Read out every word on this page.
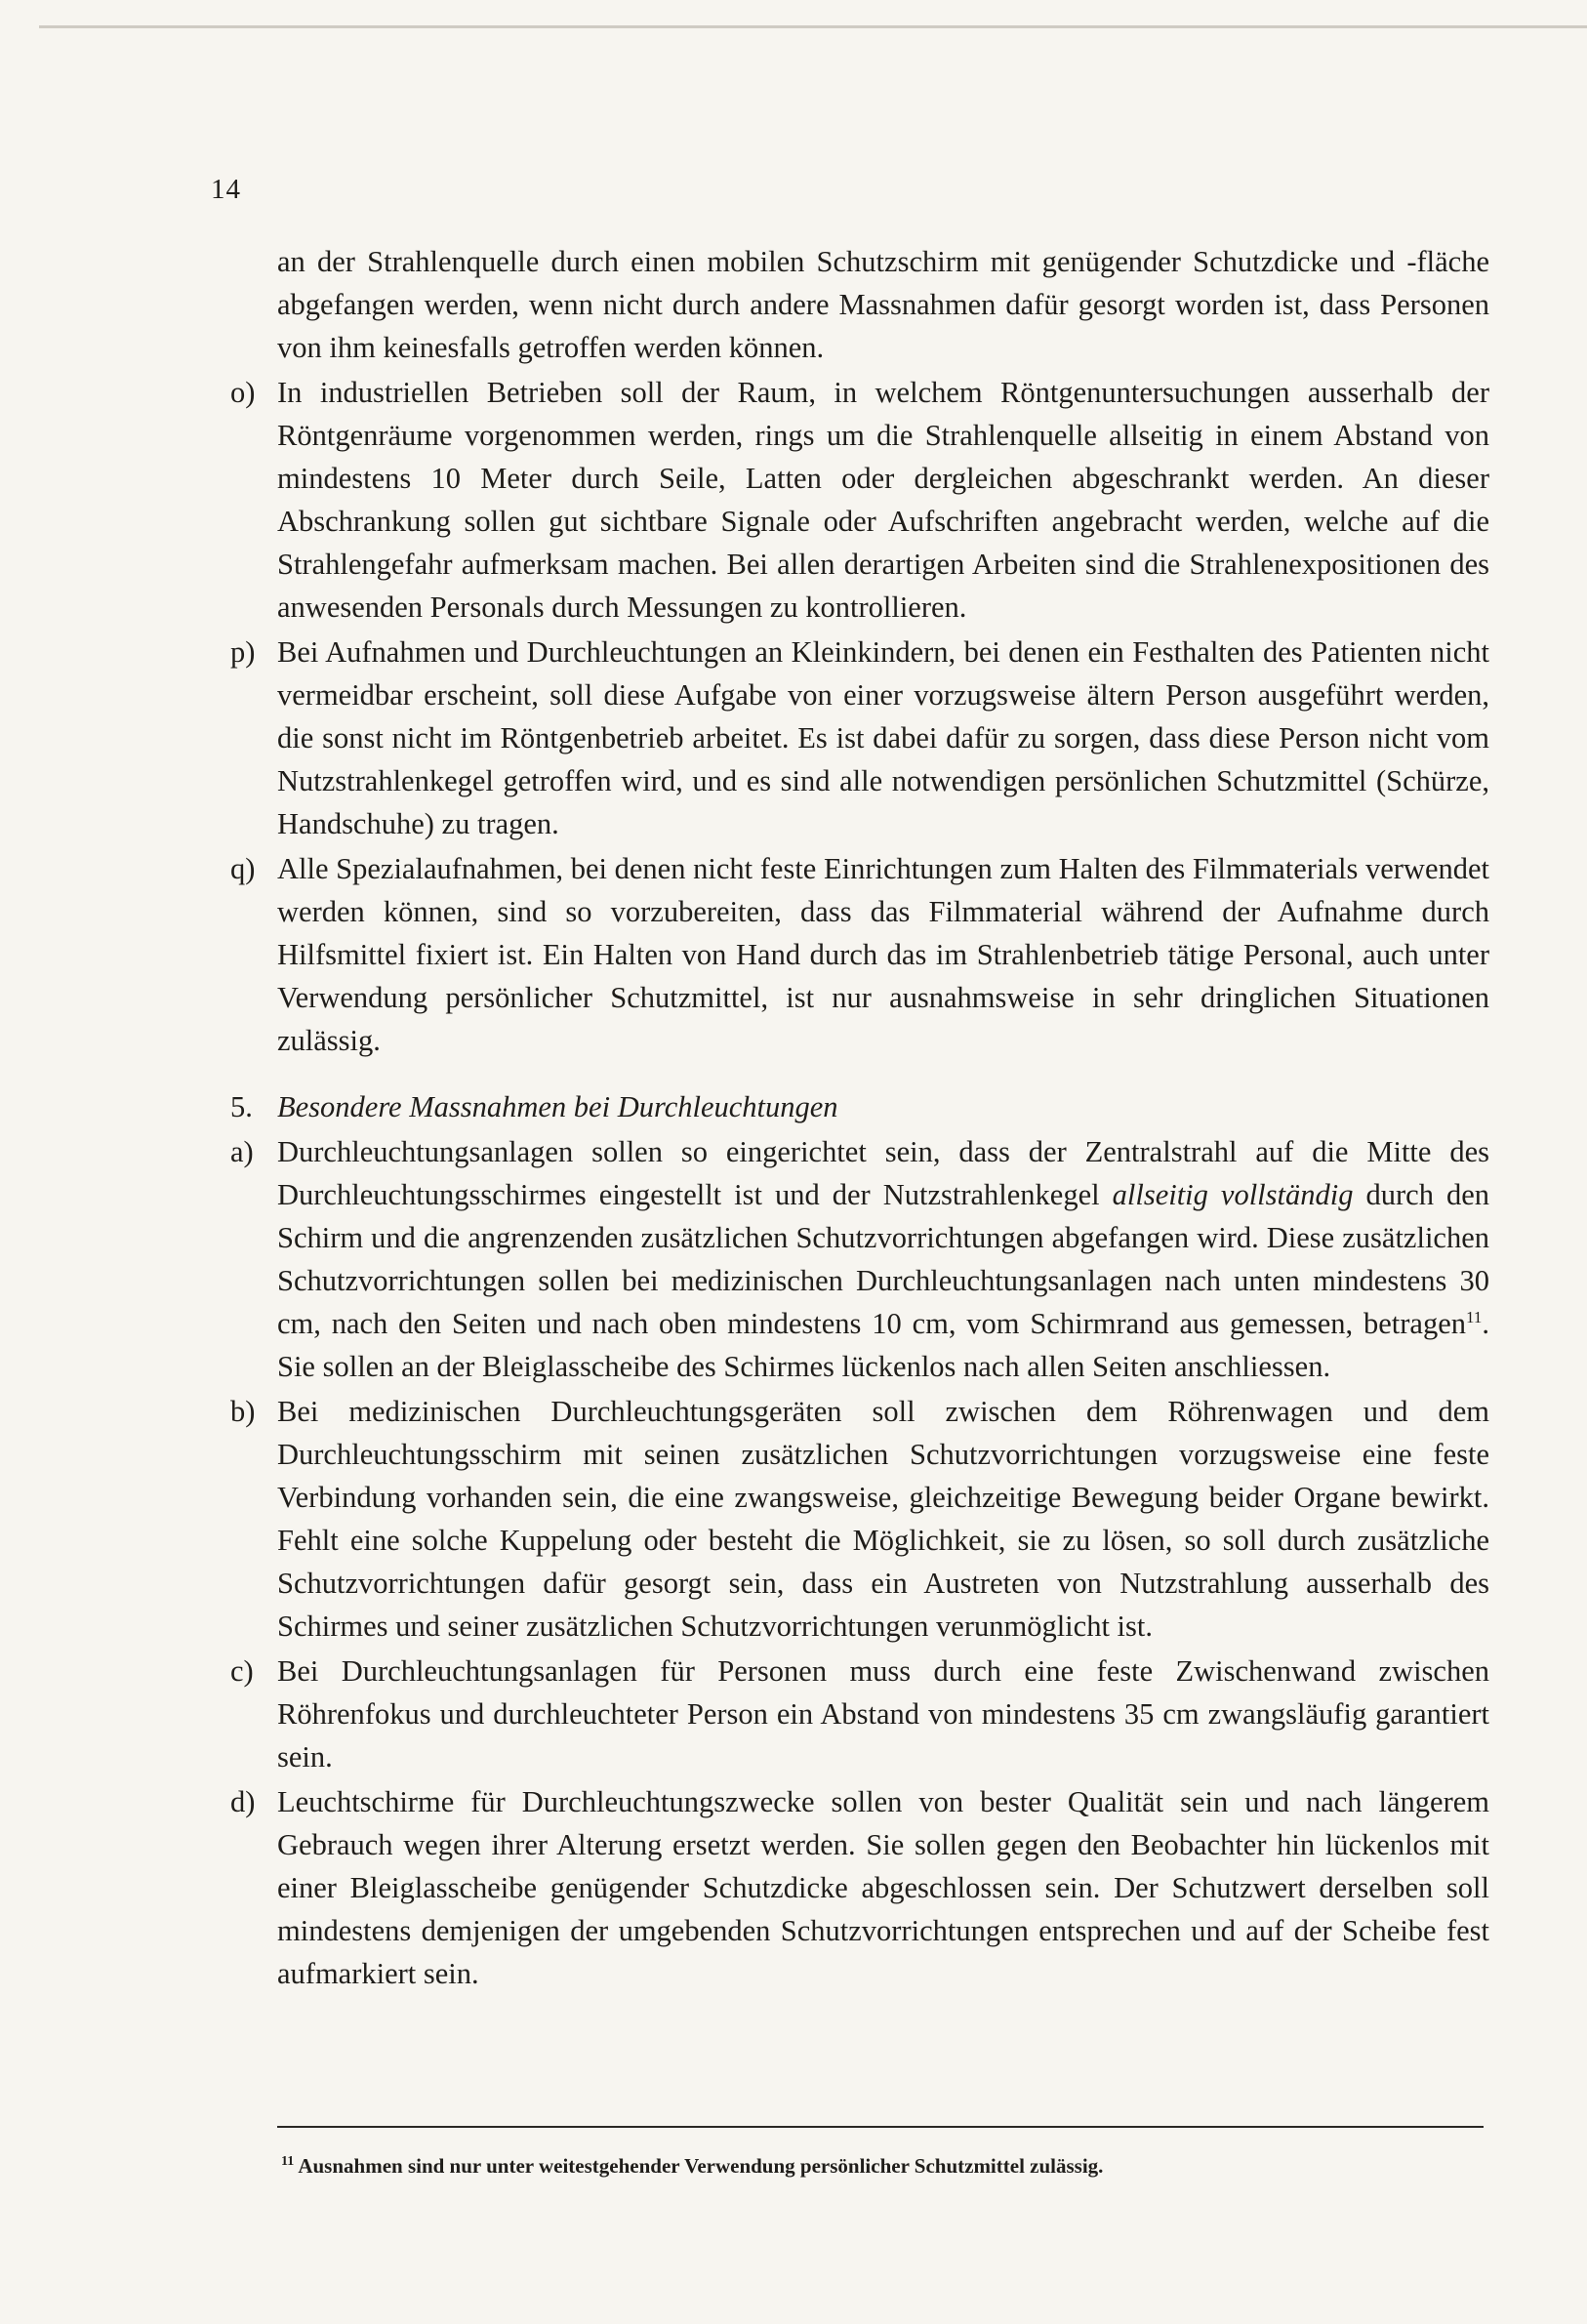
14

an der Strahlenquelle durch einen mobilen Schutzschirm mit genügender Schutzdicke und -fläche abgefangen werden, wenn nicht durch andere Massnahmen dafür gesorgt worden ist, dass Personen von ihm keinesfalls getroffen werden können.

o) In industriellen Betrieben soll der Raum, in welchem Röntgenuntersuchungen ausserhalb der Röntgenräume vorgenommen werden, rings um die Strahlenquelle allseitig in einem Abstand von mindestens 10 Meter durch Seile, Latten oder dergleichen abgeschrankt werden. An dieser Abschrankung sollen gut sichtbare Signale oder Aufschriften angebracht werden, welche auf die Strahlengefahr aufmerksam machen. Bei allen derartigen Arbeiten sind die Strahlenexpositionen des anwesenden Personals durch Messungen zu kontrollieren.
p) Bei Aufnahmen und Durchleuchtungen an Kleinkindern, bei denen ein Festhalten des Patienten nicht vermeidbar erscheint, soll diese Aufgabe von einer vorzugsweise ältern Person ausgeführt werden, die sonst nicht im Röntgenbetrieb arbeitet. Es ist dabei dafür zu sorgen, dass diese Person nicht vom Nutzstrahlenkegel getroffen wird, und es sind alle notwendigen persönlichen Schutzmittel (Schürze, Handschuhe) zu tragen.
q) Alle Spezialaufnahmen, bei denen nicht feste Einrichtungen zum Halten des Filmmaterials verwendet werden können, sind so vorzubereiten, dass das Filmmaterial während der Aufnahme durch Hilfsmittel fixiert ist. Ein Halten von Hand durch das im Strahlenbetrieb tätige Personal, auch unter Verwendung persönlicher Schutzmittel, ist nur ausnahmsweise in sehr dringlichen Situationen zulässig.
5. Besondere Massnahmen bei Durchleuchtungen
a) Durchleuchtungsanlagen sollen so eingerichtet sein, dass der Zentralstrahl auf die Mitte des Durchleuchtungsschirmes eingestellt ist und der Nutzstrahlenkegel allseitig vollständig durch den Schirm und die angrenzenden zusätzlichen Schutzvorrichtungen abgefangen wird. Diese zusätzlichen Schutzvorrichtungen sollen bei medizinischen Durchleuchtungsanlagen nach unten mindestens 30 cm, nach den Seiten und nach oben mindestens 10 cm, vom Schirmrand aus gemessen, betragen$^{11}$. Sie sollen an der Bleiglasscheibe des Schirmes lückenlos nach allen Seiten anschliessen.
b) Bei medizinischen Durchleuchtungsgeräten soll zwischen dem Röhrenwagen und dem Durchleuchtungsschirm mit seinen zusätzlichen Schutzvorrichtungen vorzugsweise eine feste Verbindung vorhanden sein, die eine zwangsweise, gleichzeitige Bewegung beider Organe bewirkt. Fehlt eine solche Kuppelung oder besteht die Möglichkeit, sie zu lösen, so soll durch zusätzliche Schutzvorrichtungen dafür gesorgt sein, dass ein Austreten von Nutzstrahlung ausserhalb des Schirmes und seiner zusätzlichen Schutzvorrichtungen verunmöglicht ist.
c) Bei Durchleuchtungsanlagen für Personen muss durch eine feste Zwischenwand zwischen Röhrenfokus und durchleuchteter Person ein Abstand von mindestens 35 cm zwangsläufig garantiert sein.
d) Leuchtschirme für Durchleuchtungszwecke sollen von bester Qualität sein und nach längerem Gebrauch wegen ihrer Alterung ersetzt werden. Sie sollen gegen den Beobachter hin lückenlos mit einer Bleiglasscheibe genügender Schutzdicke abgeschlossen sein. Der Schutzwert derselben soll mindestens demjenigen der umgebenden Schutzvorrichtungen entsprechen und auf der Scheibe fest aufmarkiert sein.
$^{11}$ Ausnahmen sind nur unter weitestgehender Verwendung persönlicher Schutzmittel zulässig.
